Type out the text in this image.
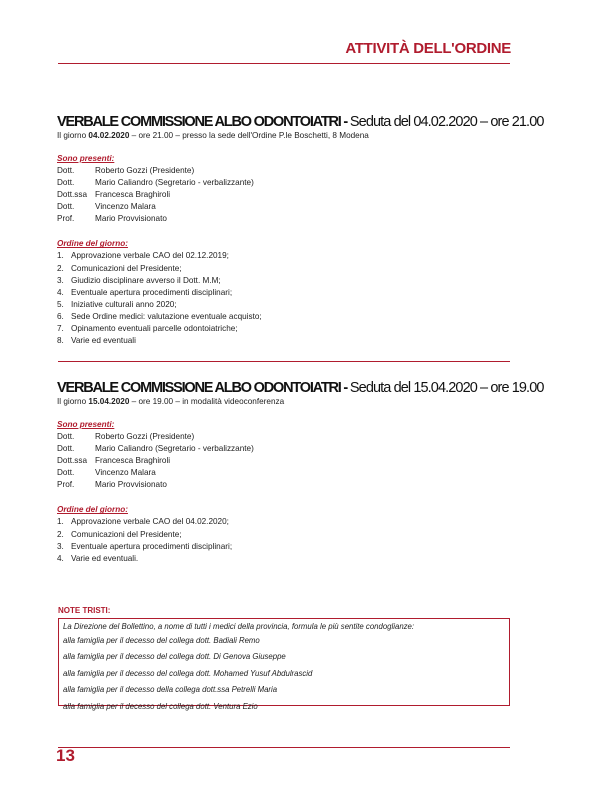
ATTIVITÀ DELL'ORDINE
VERBALE COMMISSIONE ALBO ODONTOIATRI - Seduta del 04.02.2020 – ore 21.00
Il giorno 04.02.2020 – ore 21.00 – presso la sede dell'Ordine P.le Boschetti, 8 Modena
Sono presenti:
Dott.	Roberto Gozzi (Presidente)
Dott.	Mario Caliandro (Segretario - verbalizzante)
Dott.ssa Francesca Braghiroli
Dott.	Vincenzo Malara
Prof.	Mario Provvisionato
Ordine del giorno:
1. Approvazione verbale CAO del 02.12.2019;
2. Comunicazioni del Presidente;
3. Giudizio disciplinare avverso il Dott. M.M;
4. Eventuale apertura procedimenti disciplinari;
5. Iniziative culturali anno 2020;
6. Sede Ordine medici: valutazione eventuale acquisto;
7. Opinamento eventuali parcelle odontoiatriche;
8. Varie ed eventuali
VERBALE COMMISSIONE ALBO ODONTOIATRI - Seduta del 15.04.2020 – ore 19.00
Il giorno 15.04.2020 – ore 19.00 – in modalità videoconferenza
Sono presenti:
Dott.	Roberto Gozzi (Presidente)
Dott.	Mario Caliandro (Segretario - verbalizzante)
Dott.ssa Francesca Braghiroli
Dott.	Vincenzo Malara
Prof.	Mario Provvisionato
Ordine del giorno:
1. Approvazione verbale CAO del 04.02.2020;
2. Comunicazioni del Presidente;
3. Eventuale apertura procedimenti disciplinari;
4. Varie ed eventuali.
NOTE TRISTI:
La Direzione del Bollettino, a nome di tutti i medici della provincia, formula le più sentite condoglianze:
alla famiglia per il decesso del collega dott. Badiali Remo
alla famiglia per il decesso del collega dott. Di Genova Giuseppe
alla famiglia per il decesso del collega dott. Mohamed Yusuf Abdulrascid
alla famiglia per il decesso della collega dott.ssa Petrelli Maria
alla famiglia per il decesso del collega dott. Ventura Ezio
13
